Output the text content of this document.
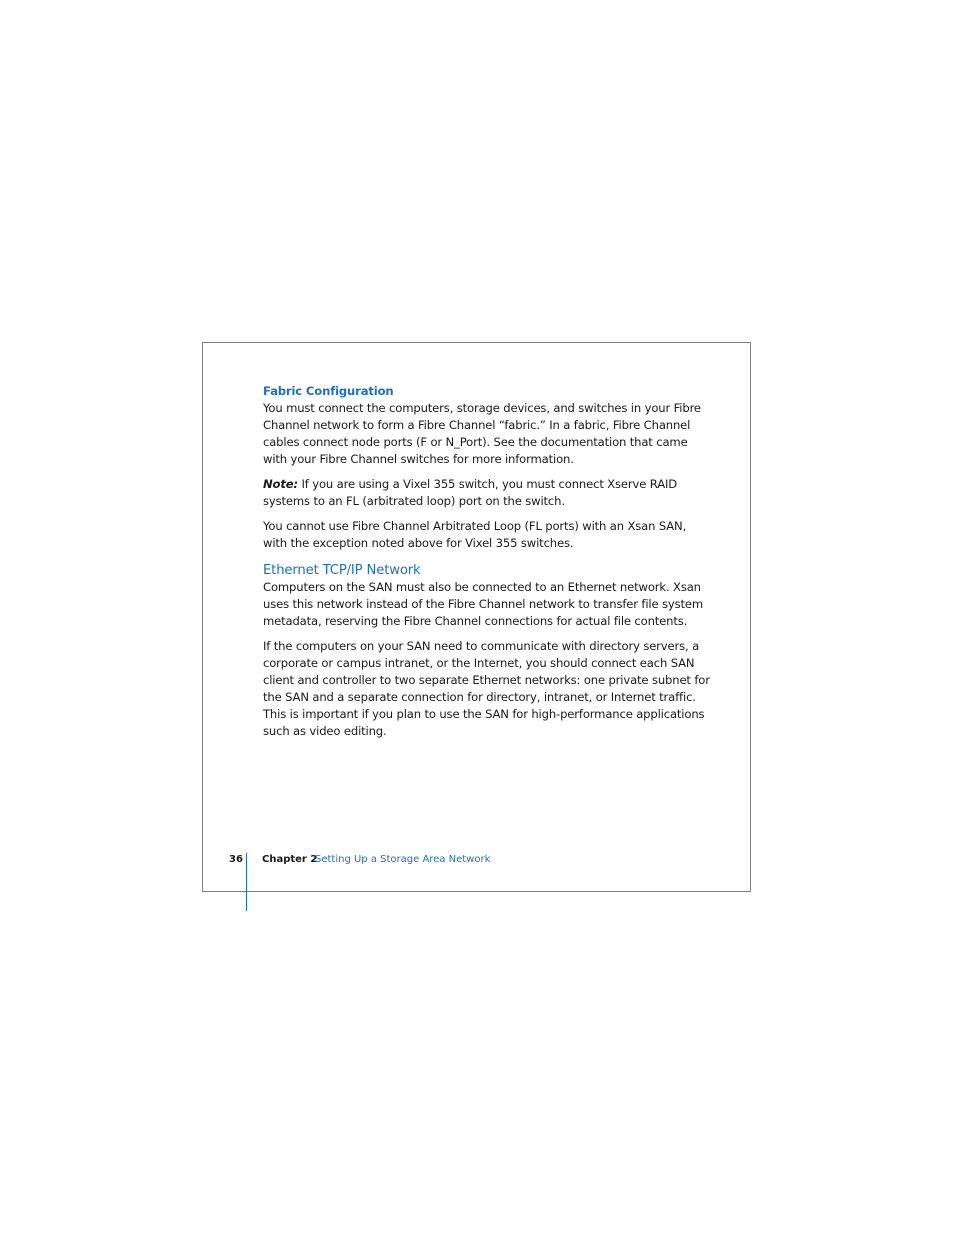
Fabric Configuration

You must connect the computers, storage devices, and switches in your Fibre Channel network to form a Fibre Channel “fabric.” In a fabric, Fibre Channel cables connect node ports (F or N_Port). See the documentation that came with your Fibre Channel switches for more information.

Note: If you are using a Vixel 355 switch, you must connect Xserve RAID systems to an FL (arbitrated loop) port on the switch.

You cannot use Fibre Channel Arbitrated Loop (FL ports) with an Xsan SAN, with the exception noted above for Vixel 355 switches.

Ethernet TCP/IP Network

Computers on the SAN must also be connected to an Ethernet network. Xsan uses this network instead of the Fibre Channel network to transfer file system metadata, reserving the Fibre Channel connections for actual file contents.

If the computers on your SAN need to communicate with directory servers, a corporate or campus intranet, or the Internet, you should connect each SAN client and controller to two separate Ethernet networks: one private subnet for the SAN and a separate connection for directory, intranet, or Internet traffic. This is important if you plan to use the SAN for high-performance applications such as video editing.

36 Chapter 2
Setting Up a Storage Area Network
